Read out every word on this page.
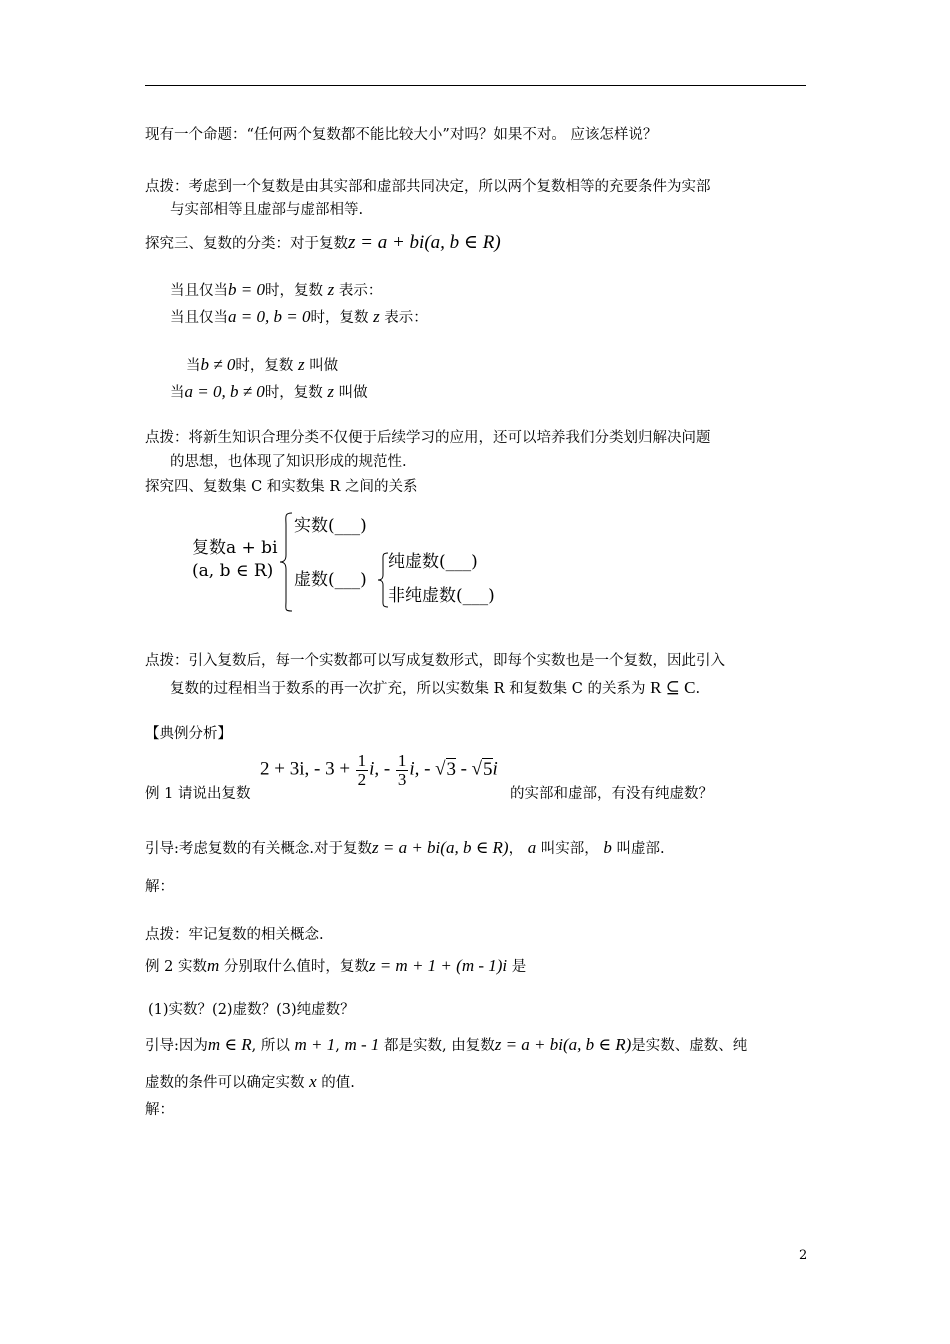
现有一个命题：“任何两个复数都不能比较大小”对吗？如果不对。 应该怎样说？
点拨：考虑到一个复数是由其实部和虚部共同决定，所以两个复数相等的充要条件为实部
与实部相等且虚部与虚部相等.
探究三、复数的分类：对于复数z = a + bi(a, b ∈ R)
当且仅当b = 0时，复数 z 表示：
当且仅当a = 0, b = 0时，复数 z 表示：
当b ≠ 0时，复数 z 叫做
当a = 0, b ≠ 0时，复数 z 叫做
点拨：将新生知识合理分类不仅便于后续学习的应用，还可以培养我们分类划归解决问题
的思想，也体现了知识形成的规范性.
探究四、复数集 C 和实数集 R 之间的关系
复数a + bi
(a, b ∈ R)
实数(___)
虚数(___)
纯虚数(___)
非纯虚数(___)
点拨：引入复数后，每一个实数都可以写成复数形式，即每个实数也是一个复数，因此引入
复数的过程相当于数系的再一次扩充，所以实数集 R 和复数集 C 的关系为 R ⊆ C.
【典例分析】
例 1 请说出复数
2 + 3i, - $3 + \frac{1}{2} i$, - $\frac{1}{3} i$, - √3 - √5i
的实部和虚部，有没有纯虚数？
引导:考虑复数的有关概念.对于复数z = a + bi(a, b ∈ R)， a 叫实部， b 叫虚部.
解：
点拨：牢记复数的相关概念.
例 2 实数m 分别取什么值时，复数z = m + 1 + (m - 1)i 是
(1)实数？(2)虚数？(3)纯虚数？
引导:因为m ∈ R, 所以 m + 1, m - 1 都是实数, 由复数z = a + bi(a, b ∈ R)是实数、虚数、纯
虚数的条件可以确定实数 x 的值.
解：
2
